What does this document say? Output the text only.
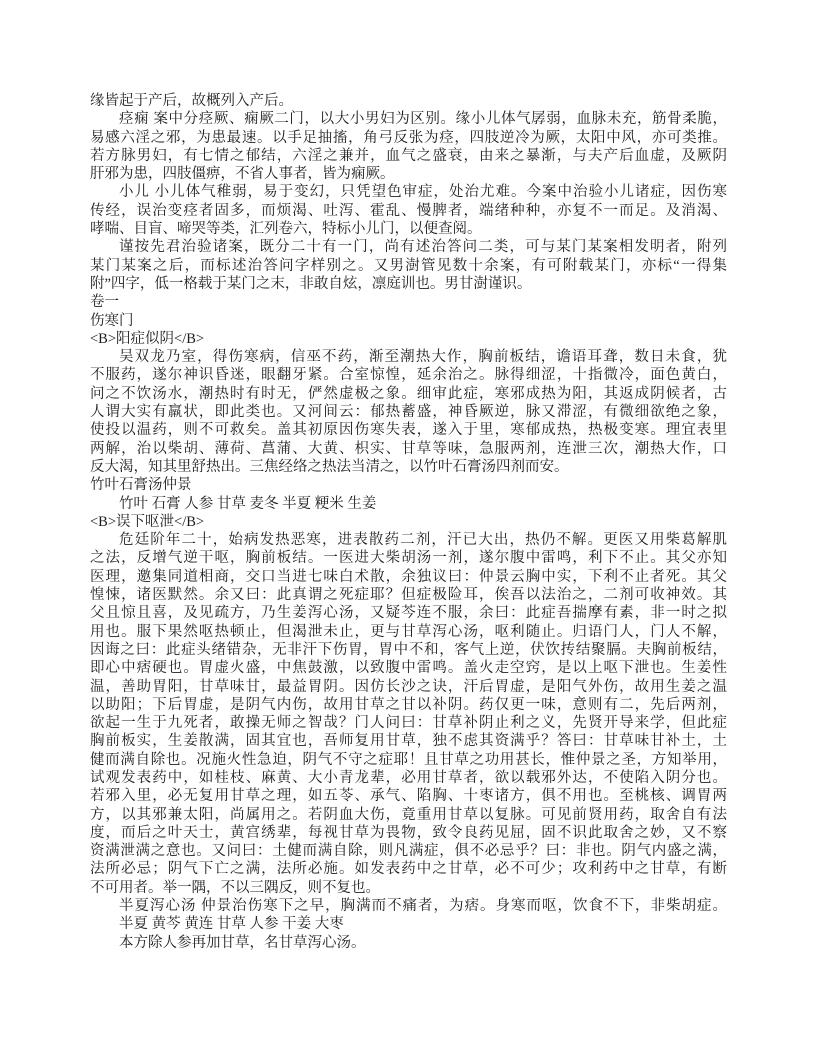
缘皆起于产后，故概列入产后。
痉痫 案中分痉厥、痫厥二门，以大小男妇为区别。缘小儿体气孱弱，血脉未充，筋骨柔脆，
易感六淫之邪，为患最速。以手足抽搐，角弓反张为痉，四肢逆冷为厥，太阳中风，亦可类推。
若方脉男妇，有七情之郁结，六淫之兼并，血气之盛衰，由来之暴渐，与夫产后血虚，及厥阴
肝邪为患，四肢僵痹，不省人事者，皆为痫厥。
小儿 小儿体气稚弱，易于变幻，只凭望色审症，处治尤难。今案中治验小儿诸症，因伤寒
传经，误治变痉者固多，而烦渴、吐泻、霍乱、慢脾者，端绪种种，亦复不一而足。及消渴、
哮喘、目盲、啼哭等类，汇列卷六，特标小儿门，以便查阅。
谨按先君治验诸案，既分二十有一门，尚有述治答问二类，可与某门某案相发明者，附列
某门某案之后，而标述治答问字样别之。又男澍管见数十余案，有可附载某门，亦标“一得集
附”四字，低一格载于某门之末，非敢自炫，凛庭训也。男甘澍谨识。
卷一
伤寒门
<B>阳症似阴</B>
吴双龙乃室，得伤寒病，信巫不药，渐至潮热大作，胸前板结，谵语耳聋，数日未食，犹
不服药，遂尔神识昏迷，眼翻牙紧。合室惊惶，延余治之。脉得细涩，十指微冷，面色黄白，
问之不饮汤水，潮热时有时无，俨然虚极之象。细审此症，寒邪成热为阳，其返成阴候者，古
人谓大实有羸状，即此类也。又河间云：郁热蓄盛，神昏厥逆，脉又滞涩，有微细欲绝之象，
使投以温药，则不可救矣。盖其初原因伤寒失表，遂入于里，寒郁成热，热极变寒。理宜表里
两解，治以柴胡、薄荷、菖蒲、大黄、枳实、甘草等味，急服两剂，连泄三次，潮热大作，口
反大渴，知其里舒热出。三焦经络之热法当清之，以竹叶石膏汤四剂而安。
竹叶石膏汤仲景
竹叶 石膏 人参 甘草 麦冬 半夏 粳米 生姜
<B>误下呕泄</B>
危廷阶年二十，始病发热恶寒，进表散药二剂，汗已大出，热仍不解。更医又用柴葛解肌
之法，反增气逆干呕，胸前板结。一医进大柴胡汤一剂，遂尔腹中雷鸣，利下不止。其父亦知
医理，邀集同道相商，交口当进七味白术散，余独议曰：仲景云胸中实，下利不止者死。其父
惶悚，诸医默然。余又曰：此真谓之死症耶？但症极险耳，俟吾以法治之，二剂可收神效。其
父且惊且喜，及见疏方，乃生姜泻心汤，又疑芩连不服，余曰：此症吾揣摩有素，非一时之拟
用也。服下果然呕热顿止，但渴泄未止，更与甘草泻心汤，呕利随止。归语门人，门人不解，
因诲之曰：此症头绪错杂，无非汗下伤胃，胃中不和，客气上逆，伏饮抟结聚膈。夫胸前板结，
即心中痞硬也。胃虚火盛，中焦鼓激，以致腹中雷鸣。盖火走空窍，是以上呕下泄也。生姜性
温，善助胃阳，甘草味甘，最益胃阴。因仿长沙之诀，汗后胃虚，是阳气外伤，故用生姜之温
以助阳；下后胃虚，是阴气内伤，故用甘草之甘以补阴。药仅更一味，意则有二，先后两剂，
欲起一生于九死者，敢操无师之智哉？门人问曰：甘草补阴止利之义，先贤开导来学，但此症
胸前板实，生姜散满，固其宜也，吾师复用甘草，独不虑其资满乎？答曰：甘草味甘补土，土
健而满自除也。况施火性急迫，阴气不守之症耶！且甘草之功用甚长，惟仲景之圣，方知举用，
试观发表药中，如桂枝、麻黄、大小青龙辈，必用甘草者，欲以载邪外达，不使陷入阴分也。
若邪入里，必无复用甘草之理，如五苓、承气、陷胸、十枣诸方，俱不用也。至桃核、调胃两
方，以其邪兼太阳，尚属用之。若阴血大伤，竟重用甘草以复脉。可见前贤用药，取舍自有法
度，而后之叶天士，黄宫绣辈，每视甘草为畏物，致令良药见屈，固不识此取舍之妙，又不察
资满泄满之意也。又问曰：土健而满自除，则凡满症，俱不必忌乎？曰：非也。阴气内盛之满，
法所必忌；阴气下亡之满，法所必施。如发表药中之甘草，必不可少；攻利药中之甘草，有断
不可用者。举一隅，不以三隅反，则不复也。
半夏泻心汤 仲景治伤寒下之早，胸满而不痛者，为痞。身寒而呕，饮食不下，非柴胡症。
半夏 黄芩 黄连 甘草 人参 干姜 大枣
本方除人参再加甘草，名甘草泻心汤。
